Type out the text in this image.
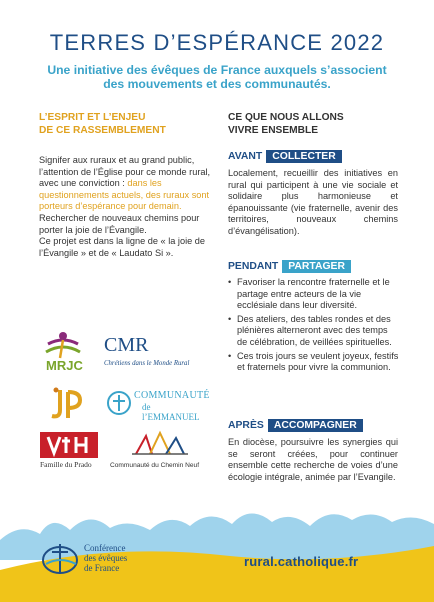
TERRES D’ESPÉRANCE 2022
Une initiative des évêques de France auxquels s’associent
des mouvements et des communautés.
L’ESPRIT ET L’ENJEU
DE CE RASSEMBLEMENT

Signifer aux ruraux et au grand public, l’attention de l’Église pour ce monde rural, avec une conviction : dans les questionnements actuels, des ruraux sont porteurs d’espérance pour demain.

Rechercher de nouveaux chemins pour porter la joie de l’Évangile.

Ce projet est dans la ligne de « la joie de l’Évangile » et de « Laudato Si ».

MRJC
CMR
Chrétiens dans le Monde Rural
COMMUNAUTÉ
de l’EMMANUEL
Famille du Prado	Communauté du Chemin Neuf
CE QUE NOUS ALLONS
VIVRE ENSEMBLE
AVANT COLLECTER
Localement, recueillir des initiatives en rural qui participent à une vie sociale et solidaire plus harmonieuse et épanouissante (vie fraternelle, avenir des territoires, nouveaux chemins d’évangélisation).
PENDANT PARTAGER
• Favoriser la rencontre fraternelle et le partage entre acteurs de la vie ecclésiale dans leur diversité.
• Des ateliers, des tables rondes et des plénières alterneront avec des temps de célébration, de veillées spirituelles.
• Ces trois jours se veulent joyeux, festifs et fraternels pour vivre la communion.
APRÈS ACCOMPAGNER
En diocèse, poursuivre les synergies qui se seront créées, pour continuer ensemble cette recherche de voies d’une écologie intégrale, animée par l’Evangile.
Conférence
des évêques
de France	rural.catholique.fr
